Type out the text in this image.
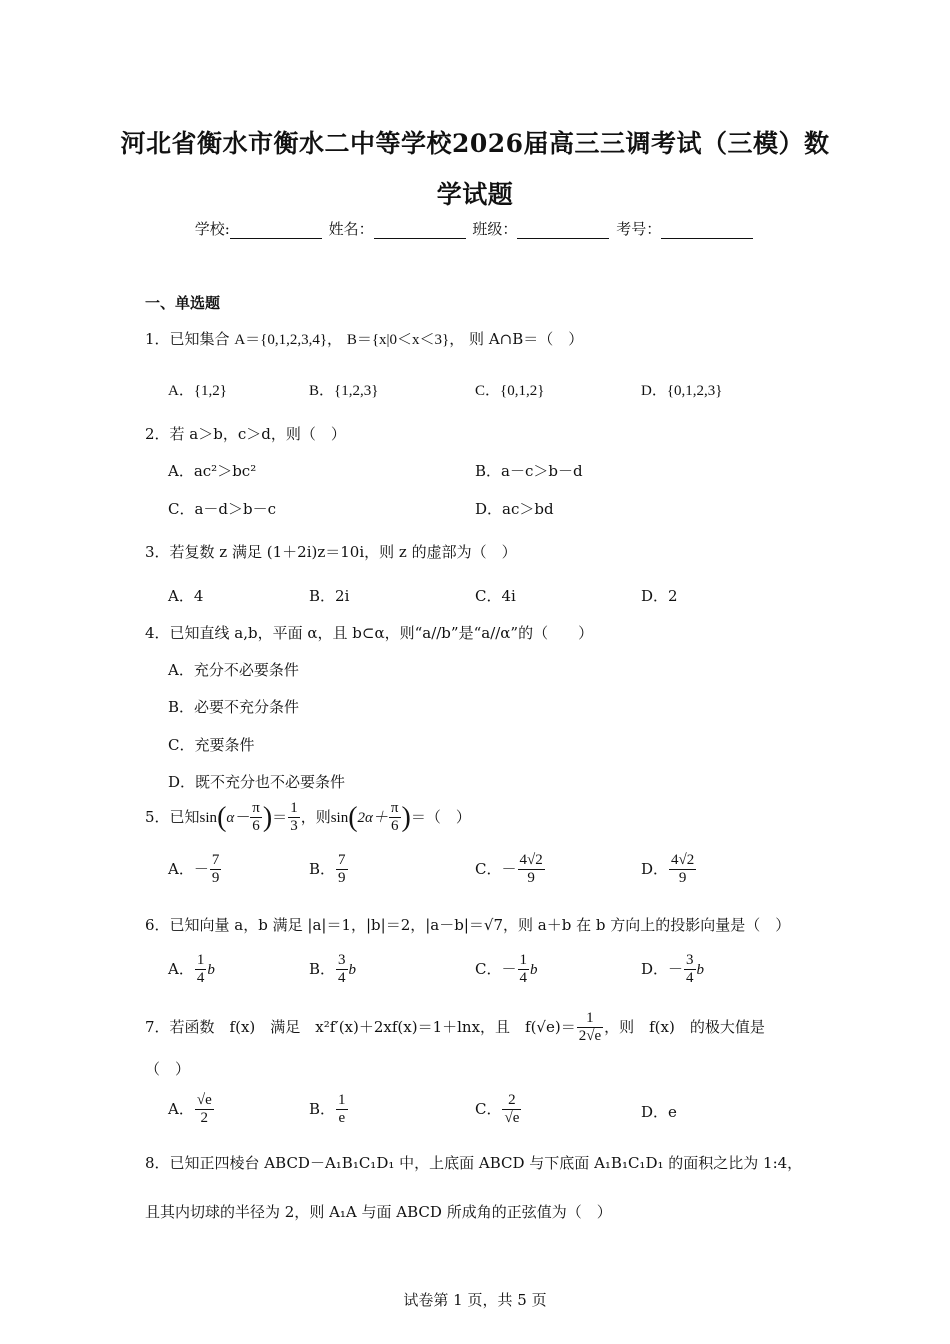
河北省衡水市衡水二中等学校2026届高三三调考试（三模）数
学试题
学校:	姓名：	班级：	考号：
一、单选题
1．已知集合 A＝{0,1,2,3,4}， B＝{x|0＜x＜3}， 则 A∩B＝（　）
A．{1,2}	B．{1,2,3}	C．{0,1,2}	D．{0,1,2,3}
2．若 a＞b，c＞d，则（　）
A．ac²＞bc²	B．a－c＞b－d
C．a－d＞b－c	D．ac＞bd
3．若复数 z 满足 (1＋2i)z＝10i，则 z 的虚部为（　）
A．4	B．2i	C．4i	D．2
4．已知直线 a,b，平面 α，且 b⊂α，则“a//b”是“a//α”的（　　）
A．充分不必要条件
B．必要不充分条件
C．充要条件
D．既不充分也不必要条件
5．已知$\sin(\alpha- \frac{\pi}{6}$ )＝ $\frac{1}{3}$ ，则$\sin(2\alpha+ \frac{\pi}{6}$ )＝（　）
A．－ $\frac{7}{9}$	B． $\frac{7}{9}$	C．－ $\frac{4√2}{9}$	D． $\frac{4√2}{9}$
6．已知向量 a，b 满足 |a|＝1，|b|＝2，|a－b|＝√7，则 a＋b 在 b 方向上的投影向量是（　）
A． $\frac{1}{4}$ b	B． $\frac{3}{4}$ b	C．－ $\frac{1}{4}$ b	D．－ $\frac{3}{4}$ b
7．若函数　f(x)　满足　x²f′(x)＋2xf(x)＝1＋lnx，且　$f(√e)= \frac{1}{2√e}$ ，则　f(x)　的极大值是
（　）
A． $\frac{√e}{2}$	B． $\frac{1}{e}$	C． $\frac{2}{√e}$	D．e
8．已知正四棱台 ABCD－A₁B₁C₁D₁ 中，上底面 ABCD 与下底面 A₁B₁C₁D₁ 的面积之比为 1:4，
且其内切球的半径为 2，则 A₁A 与面 ABCD 所成角的正弦值为（　）
试卷第 1 页，共 5 页
